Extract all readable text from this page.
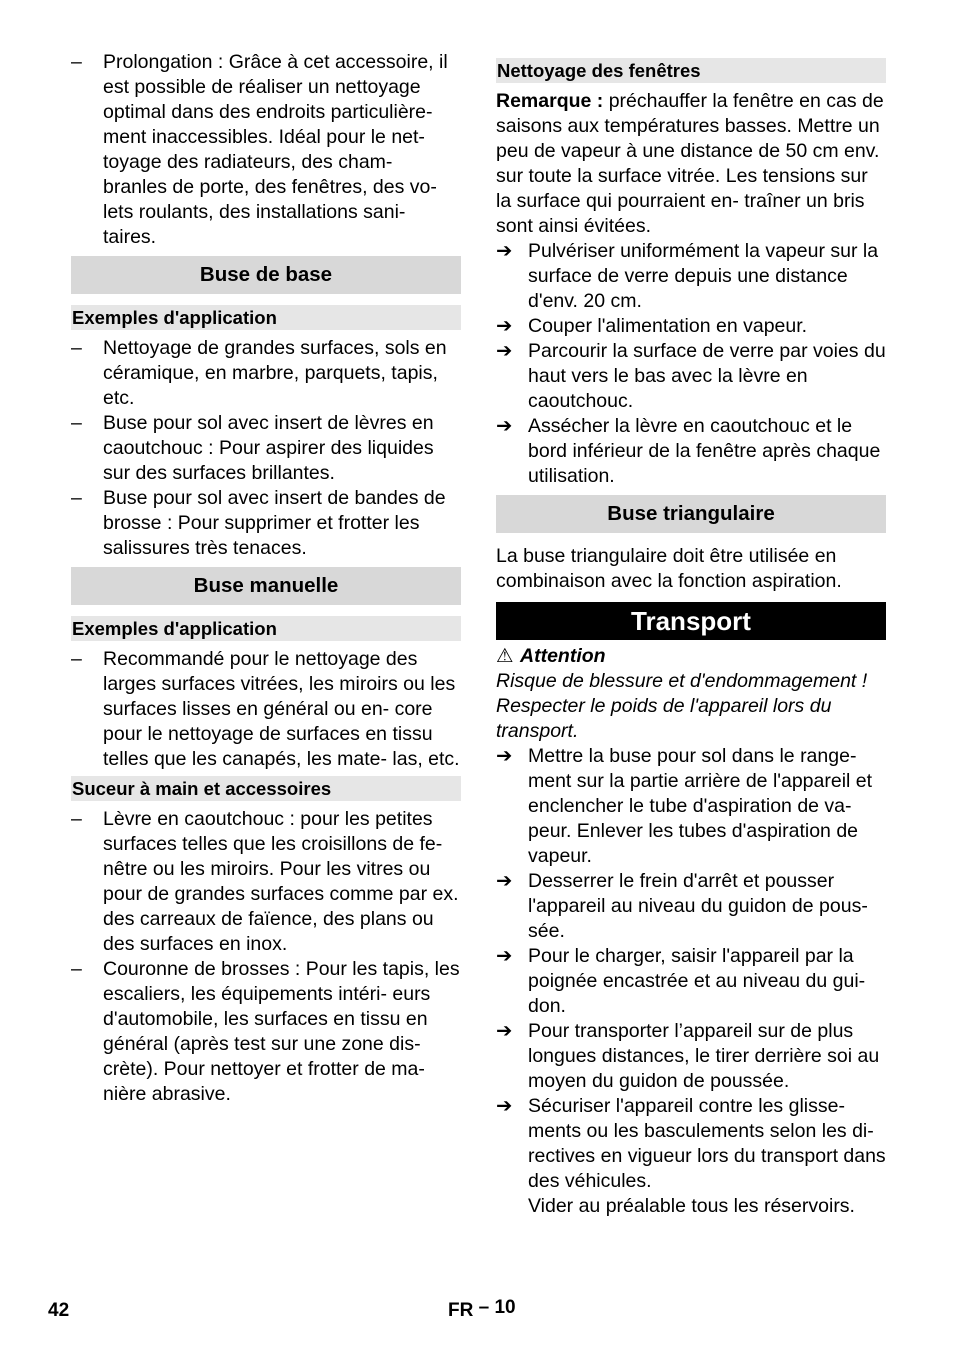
– Prolongation : Grâce à cet accessoire, il est possible de réaliser un nettoyage optimal dans des endroits particulière- ment inaccessibles. Idéal pour le net- toyage des radiateurs, des cham- branles de porte, des fenêtres, des vo- lets roulants, des installations sani- taires.
Buse de base
Exemples d'application
– Nettoyage de grandes surfaces, sols en céramique, en marbre, parquets, tapis, etc.
– Buse pour sol avec insert de lèvres en caoutchouc : Pour aspirer des liquides sur des surfaces brillantes.
– Buse pour sol avec insert de bandes de brosse : Pour supprimer et frotter les salissures très tenaces.
Buse manuelle
Exemples d'application
– Recommandé pour le nettoyage des larges surfaces vitrées, les miroirs ou les surfaces lisses en général ou en- core pour le nettoyage de surfaces en tissu telles que les canapés, les mate- las, etc.
Suceur à main et accessoires
– Lèvre en caoutchouc : pour les petites surfaces telles que les croisillons de fe- nêtre ou les miroirs. Pour les vitres ou pour de grandes surfaces comme par ex. des carreaux de faïence, des plans ou des surfaces en inox.
– Couronne de brosses : Pour les tapis, les escaliers, les équipements intéri- eurs d'automobile, les surfaces en tissu en général (après test sur une zone dis- crète). Pour nettoyer et frotter de ma- nière abrasive.
Nettoyage des fenêtres

Remarque : préchauffer la fenêtre en cas de saisons aux températures basses. Mettre un peu de vapeur à une distance de 50 cm env. sur toute la surface vitrée. Les tensions sur la surface qui pourraient en- traîner un bris sont ainsi évitées.

➔ Pulvériser uniformément la vapeur sur la surface de verre depuis une distance d'env. 20 cm.
➔ Couper l'alimentation en vapeur.
➔ Parcourir la surface de verre par voies du haut vers le bas avec la lèvre en caoutchouc.
➔ Assécher la lèvre en caoutchouc et le bord inférieur de la fenêtre après chaque utilisation.
Buse triangulaire

La buse triangulaire doit être utilisée en combinaison avec la fonction aspiration.

Transport
⚠ Attention

Risque de blessure et d'endommagement ! Respecter le poids de l'appareil lors du transport.

➔ Mettre la buse pour sol dans le range- ment sur la partie arrière de l'appareil et enclencher le tube d'aspiration de va- peur. Enlever les tubes d'aspiration de vapeur.
➔ Desserrer le frein d'arrêt et pousser l'appareil au niveau du guidon de pous- sée.
➔ Pour le charger, saisir l'appareil par la poignée encastrée et au niveau du gui- don.
➔ Pour transporter l’appareil sur de plus longues distances, le tirer derrière soi au moyen du guidon de poussée.
➔ Sécuriser l'appareil contre les glisse- ments ou les basculements selon les di- rectives en vigueur lors du transport dans des véhicules.
Vider au préalable tous les réservoirs.
42	FR – 10
